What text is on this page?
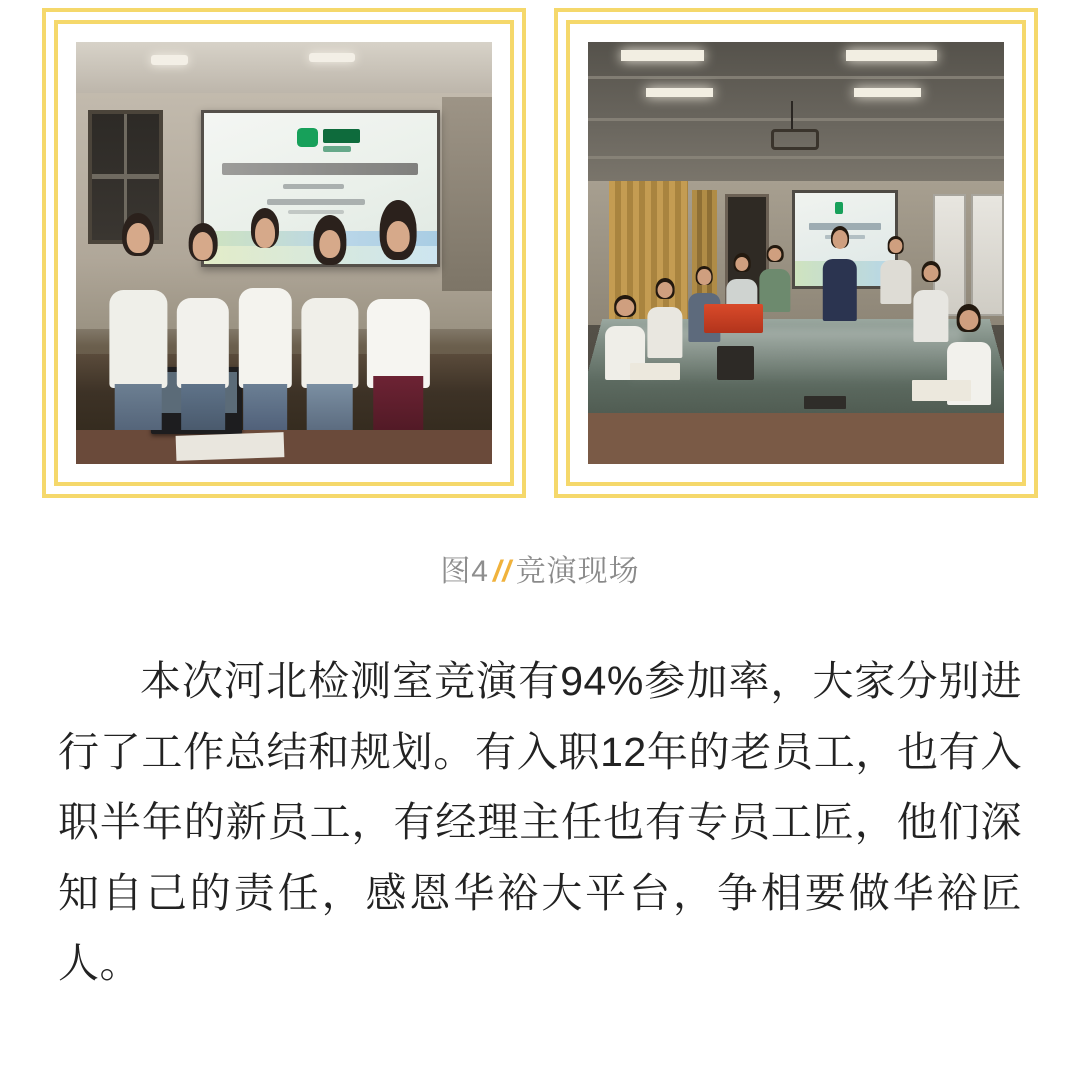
图4 // 竞演现场

本次河北检测室竞演有94%参加率，大家分别进行了工作总结和规划。有入职12年的老员工，也有入职半年的新员工，有经理主任也有专员工匠，他们深知自己的责任，感恩华裕大平台，争相要做华裕匠人。
